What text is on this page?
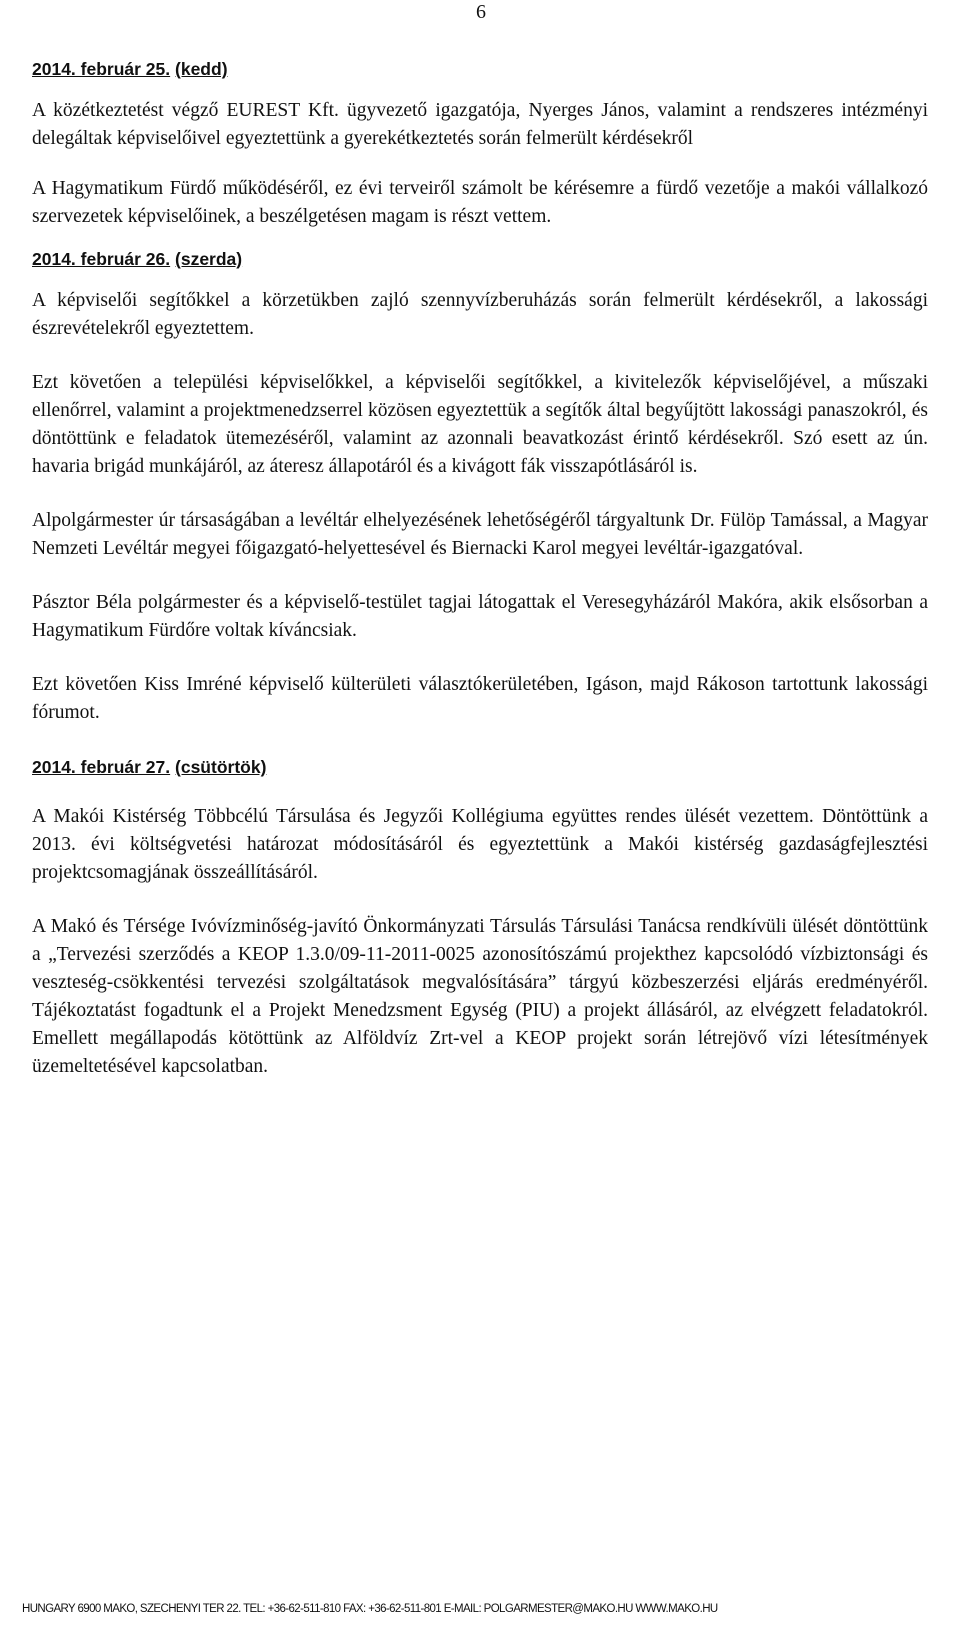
6
2014. február 25. (kedd)

A közétkeztetést végző EUREST Kft. ügyvezető igazgatója, Nyerges János, valamint a rendszeres intézményi delegáltak képviselőivel egyeztettünk a gyerekétkeztetés során felmerült kérdésekről

A Hagymatikum Fürdő működéséről, ez évi terveiről számolt be kérésemre a fürdő vezetője a makói vállalkozó szervezetek képviselőinek, a beszélgetésen magam is részt vettem.

2014. február 26. (szerda)

A képviselői segítőkkel a körzetükben zajló szennyvízberuházás során felmerült kérdésekről, a lakossági észrevételekről egyeztettem.

Ezt követően a települési képviselőkkel, a képviselői segítőkkel, a kivitelezők képviselőjével, a műszaki ellenőrrel, valamint a projektmenedzserrel közösen egyeztettük a segítők által begyűjtött lakossági panaszokról, és döntöttünk e feladatok ütemezéséről, valamint az azonnali beavatkozást érintő kérdésekről. Szó esett az ún. havaria brigád munkájáról, az áteresz állapotáról és a kivágott fák visszapótlásáról is.

Alpolgármester úr társaságában a levéltár elhelyezésének lehetőségéről tárgyaltunk Dr. Fülöp Tamással, a Magyar Nemzeti Levéltár megyei főigazgató-helyettesével és Biernacki Karol megyei levéltár-igazgatóval.

Pásztor Béla polgármester és a képviselő-testület tagjai látogattak el Veresegyházáról Makóra, akik elsősorban a Hagymatikum Fürdőre voltak kíváncsiak.

Ezt követően Kiss Imréné képviselő külterületi választókerületében, Igáson, majd Rákoson tartottunk lakossági fórumot.

2014. február 27. (csütörtök)

A Makói Kistérség Többcélú Társulása és Jegyzői Kollégiuma együttes rendes ülését vezettem. Döntöttünk a 2013. évi költségvetési határozat módosításáról és egyeztettünk a Makói kistérség gazdaságfejlesztési projektcsomagjának összeállításáról.

A Makó és Térsége Ivóvízminőség-javító Önkormányzati Társulás Társulási Tanácsa rendkívüli ülését döntöttünk a „Tervezési szerződés a KEOP 1.3.0/09-11-2011-0025 azonosítószámú projekthez kapcsolódó vízbiztonsági és veszteség-csökkentési tervezési szolgáltatások megvalósítására” tárgyú közbeszerzési eljárás eredményéről. Tájékoztatást fogadtunk el a Projekt Menedzsment Egység (PIU) a projekt állásáról, az elvégzett feladatokról. Emellett megállapodás kötöttünk az Alföldvíz Zrt-vel a KEOP projekt során létrejövő vízi létesítmények üzemeltetésével kapcsolatban.

HUNGARY 6900 MAKÓ, SZÉCHENYI TÉR 22. TEL: +36-62-511-810 FAX: +36-62-511-801 E-MAIL: POLGARMESTER@MAKO.HU WWW.MAKO.HU
